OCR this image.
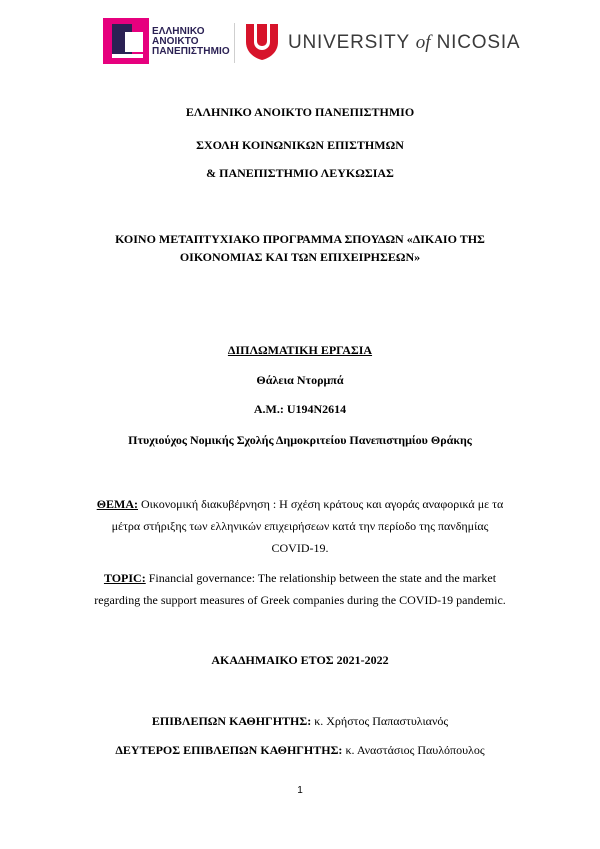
ΕΛΛΗΝΙΚΟ
ΑΝΟΙΚΤΟ
ΠΑΝΕΠΙΣΤΗΜΙΟ	UNIVERSITY of NICOSIA
ΕΛΛΗΝΙΚΟ ΑΝΟΙΚΤΟ ΠΑΝΕΠΙΣΤΗΜΙΟ
ΣΧΟΛΗ ΚΟΙΝΩΝΙΚΩΝ ΕΠΙΣΤΗΜΩΝ
& ΠΑΝΕΠΙΣΤΗΜΙΟ ΛΕΥΚΩΣΙΑΣ
ΚΟΙΝΟ ΜΕΤΑΠΤΥΧΙΑΚΟ ΠΡΟΓΡΑΜΜΑ ΣΠΟΥΔΩΝ «ΔΙΚΑΙΟ ΤΗΣ
ΟΙΚΟΝΟΜΙΑΣ ΚΑΙ ΤΩΝ ΕΠΙΧΕΙΡΗΣΕΩΝ»
ΔΙΠΛΩΜΑΤΙΚΗ ΕΡΓΑΣΙΑ
Θάλεια Ντορμπά
Α.Μ.: U194N2614
Πτυχιούχος Νομικής Σχολής Δημοκριτείου Πανεπιστημίου Θράκης
ΘΕΜΑ: Οικονομική διακυβέρνηση : Η σχέση κράτους και αγοράς αναφορικά με τα μέτρα στήριξης των ελληνικών επιχειρήσεων κατά την περίοδο της πανδημίας COVID-19.
TOPIC: Financial governance: The relationship between the state and the market regarding the support measures of Greek companies during the COVID-19 pandemic.
ΑΚΑΔΗΜΑΙΚΟ ΕΤΟΣ 2021-2022
ΕΠΙΒΛΕΠΩΝ ΚΑΘΗΓΗΤΗΣ: κ. Χρήστος Παπαστυλιανός
ΔΕΥΤΕΡΟΣ ΕΠΙΒΛΕΠΩΝ ΚΑΘΗΓΗΤΗΣ: κ. Αναστάσιος Παυλόπουλος
1
